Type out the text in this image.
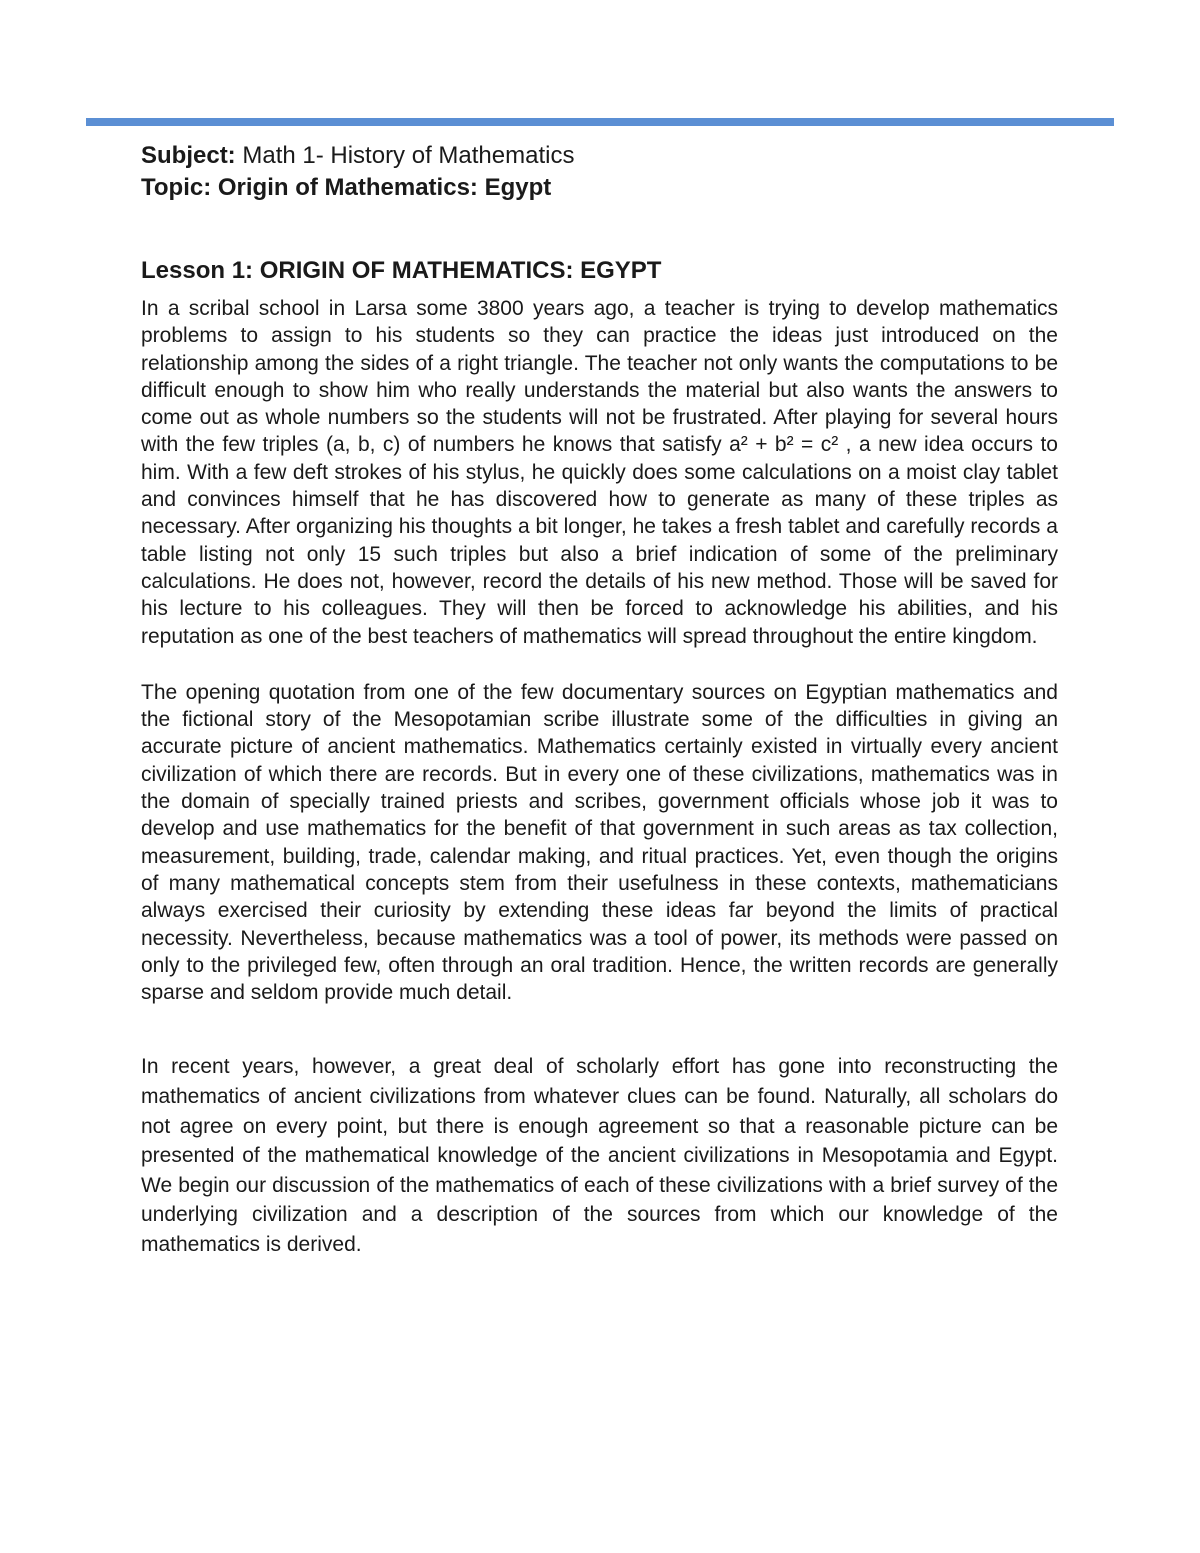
Subject: Math 1- History of Mathematics

Topic: Origin of Mathematics: Egypt

Lesson 1: ORIGIN OF MATHEMATICS: EGYPT

In a scribal school in Larsa some 3800 years ago, a teacher is trying to develop mathematics problems to assign to his students so they can practice the ideas just introduced on the relationship among the sides of a right triangle. The teacher not only wants the computations to be difficult enough to show him who really understands the material but also wants the answers to come out as whole numbers so the students will not be frustrated. After playing for several hours with the few triples (a, b, c) of numbers he knows that satisfy a² + b² = c² , a new idea occurs to him. With a few deft strokes of his stylus, he quickly does some calculations on a moist clay tablet and convinces himself that he has discovered how to generate as many of these triples as necessary. After organizing his thoughts a bit longer, he takes a fresh tablet and carefully records a table listing not only 15 such triples but also a brief indication of some of the preliminary calculations. He does not, however, record the details of his new method. Those will be saved for his lecture to his colleagues. They will then be forced to acknowledge his abilities, and his reputation as one of the best teachers of mathematics will spread throughout the entire kingdom.

The opening quotation from one of the few documentary sources on Egyptian mathematics and the fictional story of the Mesopotamian scribe illustrate some of the difficulties in giving an accurate picture of ancient mathematics. Mathematics certainly existed in virtually every ancient civilization of which there are records. But in every one of these civilizations, mathematics was in the domain of specially trained priests and scribes, government officials whose job it was to develop and use mathematics for the benefit of that government in such areas as tax collection, measurement, building, trade, calendar making, and ritual practices. Yet, even though the origins of many mathematical concepts stem from their usefulness in these contexts, mathematicians always exercised their curiosity by extending these ideas far beyond the limits of practical necessity. Nevertheless, because mathematics was a tool of power, its methods were passed on only to the privileged few, often through an oral tradition. Hence, the written records are generally sparse and seldom provide much detail.

In recent years, however, a great deal of scholarly effort has gone into reconstructing the mathematics of ancient civilizations from whatever clues can be found. Naturally, all scholars do not agree on every point, but there is enough agreement so that a reasonable picture can be presented of the mathematical knowledge of the ancient civilizations in Mesopotamia and Egypt. We begin our discussion of the mathematics of each of these civilizations with a brief survey of the underlying civilization and a description of the sources from which our knowledge of the mathematics is derived.
